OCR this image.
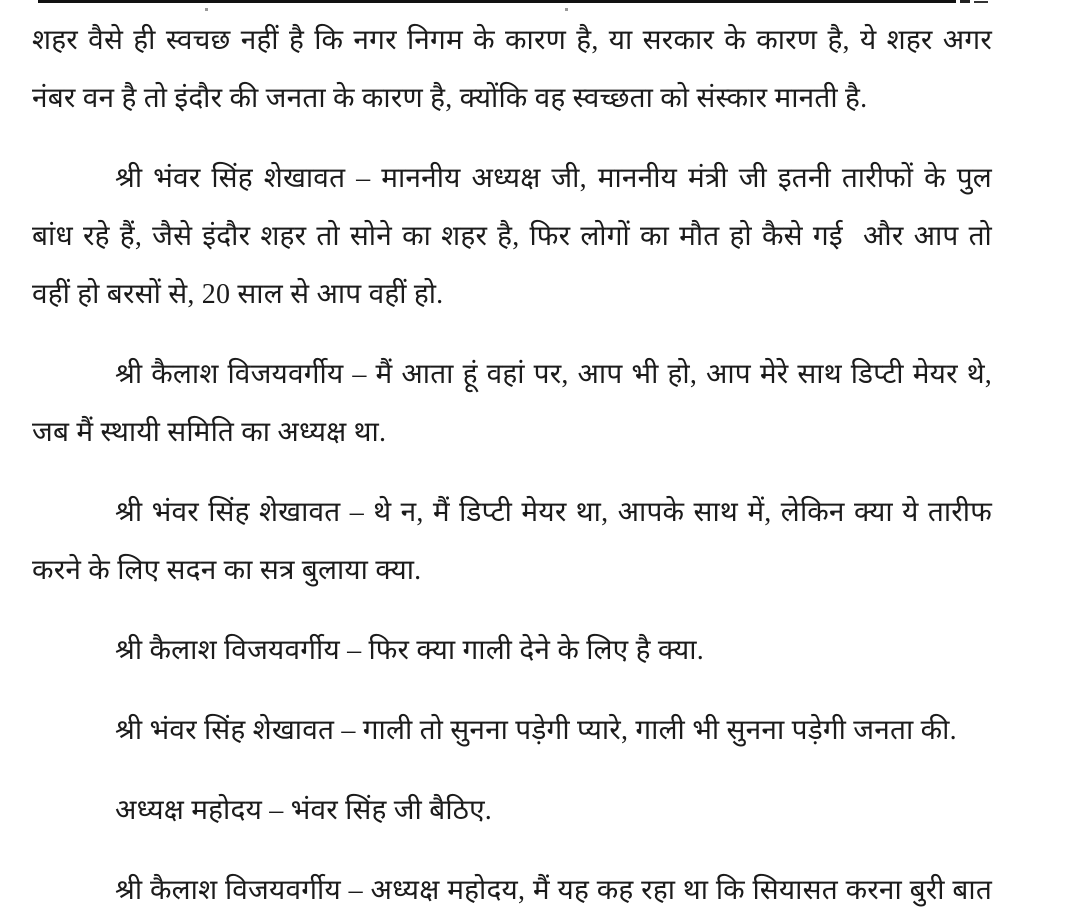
शहर वैसे ही स्वचछ नहीं है कि नगर निगम के कारण है, या सरकार के कारण है, ये शहर अगर
नंबर वन है तो इंदौर की जनता के कारण है, क्योंकि वह स्वच्छता को संस्कार मानती है.
श्री भंवर सिंह शेखावत – माननीय अध्यक्ष जी, माननीय मंत्री जी इतनी तारीफों के पुल
बांध रहे हैं, जैसे इंदौर शहर तो सोने का शहर है, फिर लोगों का मौत हो कैसे गई  और आप तो
वहीं हो बरसों से, 20 साल से आप वहीं हो.
श्री कैलाश विजयवर्गीय – मैं आता हूं वहां पर, आप भी हो, आप मेरे साथ डिप्टी मेयर थे,
जब मैं स्थायी समिति का अध्यक्ष था.
श्री भंवर सिंह शेखावत – थे न, मैं डिप्टी मेयर था, आपके साथ में, लेकिन क्या ये तारीफ
करने के लिए सदन का सत्र बुलाया क्या.
श्री कैलाश विजयवर्गीय – फिर क्या गाली देने के लिए है क्या.
श्री भंवर सिंह शेखावत – गाली तो सुनना पड़ेगी प्यारे, गाली भी सुनना पड़ेगी जनता की.
अध्यक्ष महोदय – भंवर सिंह जी बैठिए.
श्री कैलाश विजयवर्गीय – अध्यक्ष महोदय, मैं यह कह रहा था कि सियासत करना बुरी बात
